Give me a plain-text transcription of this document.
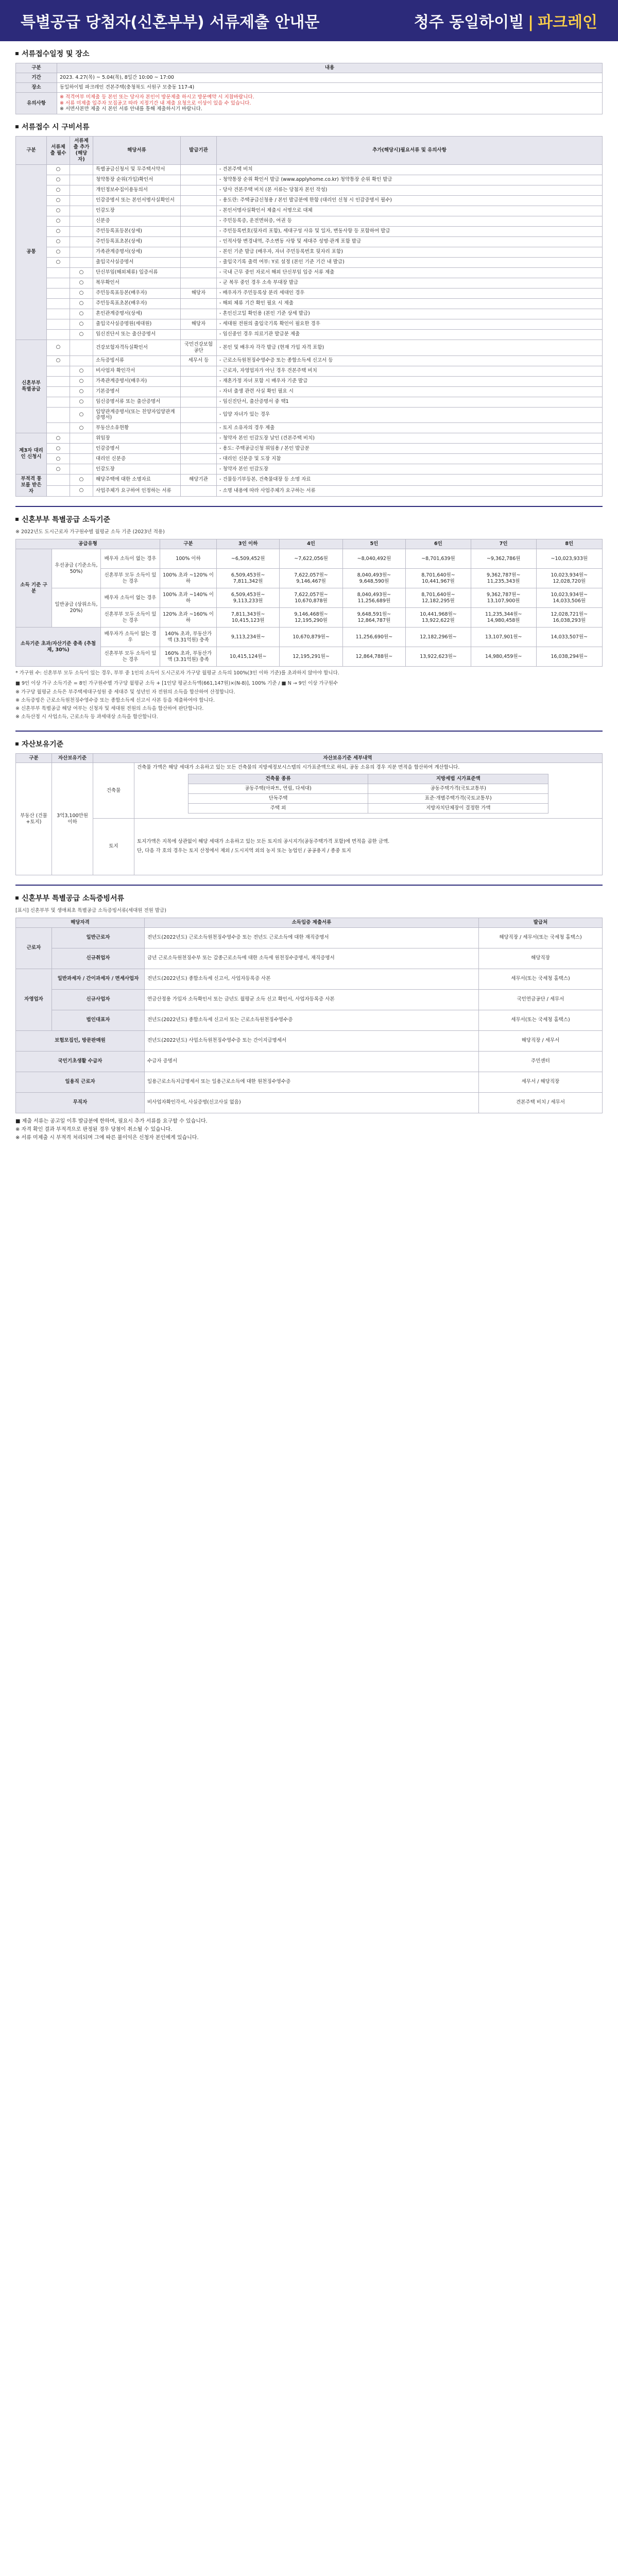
특별공급 당첨자(신혼부부) 서류제출 안내문	청주 동일하이빌 | 파크레인
서류접수일정 및 장소
구분	내용
기간	2023. 4.27(목) ~ 5.04(목), 8일간 10:00 ~ 17:00
장소	동일하이빌 파크레인 견본주택(충청북도 서원구 모충동 117-4)
유의사항	※ 적격여부 미제출 등 본인 또는 당사자 본인이 방문제출 하시고 방문예약 시 지참바랍니다.
※ 서류 미제출 입주자 모집공고 따라 지정기간 내 제출 요청으로 이상이 있을 수 있습니다.
※ 서면사본만 제출 시 본인 서류 안내를 통해 제출하시기 바랍니다.
서류접수 시 구비서류
구분	서류제출 필수	서류제출 추가(해당자)	해당서류	발급기관	추가(해당시)필요서류 및 유의사항
공통	○		특별공급신청서 및 무주택서약서		- 견본주택 비치
	○		청약통장 순위(가입)확인서		- 청약통장 순위 확인서 발급 (www.applyhome.co.kr) 청약통장 순위 확인 발급
	○		개인정보수집이용동의서		- 당사 견본주택 비치 (본 서류는 당첨자 본인 작성)
	○		인감증명서 또는 본인서명사실확인서		- 용도란: 주택공급신청용 / 본인 발급분에 한함 (대리인 신청 시 인감증명서 필수)
	○		인감도장		- 본인서명사실확인서 제출시 서명으로 대체
	○		신분증		- 주민등록증, 운전면허증, 여권 등
	○		주민등록표등본(상세)		- 주민등록번호(뒷자리 포함), 세대구성 사유 및 일자, 변동사항 등 포함하여 발급
	○		주민등록표초본(상세)		- 인적사항 변경내역, 주소변동 사항 및 세대주 성명·관계 포함 발급
	○		가족관계증명서(상세)		- 본인 기준 발급 (배우자, 자녀 주민등록번호 뒷자리 포함)
	○		출입국사실증명서		- 출입국기록 출력 여부: Y로 설정 (본인 기준 기간 내 발급)
		○	단신부임(해외체류) 입증서류		- 국내 근무 중인 자로서 해외 단신부임 입증 서류 제출
		○	복무확인서		- 군 복무 중인 경우 소속 부대장 발급
		○	주민등록표등본(배우자)	해당자	- 배우자가 주민등록상 분리 세대인 경우
		○	주민등록표초본(배우자)		- 해외 체류 기간 확인 필요 시 제출
		○	혼인관계증명서(상세)		- 혼인신고일 확인용 (본인 기준 상세 발급)
		○	출입국사실증명원(세대원)	해당자	- 세대원 전원의 출입국기록 확인이 필요한 경우
		○	임신진단서 또는 출산증명서		- 임신중인 경우 의료기관 발급분 제출
신혼부부 특별공급	○		건강보험자격득실확인서	국민건강보험공단	- 본인 및 배우자 각각 발급 (현재 가입 자격 포함)
	○		소득증빙서류	세무서 등	- 근로소득원천징수영수증 또는 종합소득세 신고서 등
		○	비사업자 확인각서		- 근로자, 자영업자가 아닌 경우 견본주택 비치
		○	가족관계증명서(배우자)		- 재혼가정 자녀 포함 시 배우자 기준 발급
		○	기본증명서		- 자녀 출생 관련 사실 확인 필요 시
		○	임신증명서류 또는 출산증명서		- 임신진단서, 출산증명서 중 택1
		○	입양관계증명서(또는 친양자입양관계증명서)		- 입양 자녀가 있는 경우
		○	부동산소유현황		- 토지 소유자의 경우 제출
제3자 대리인 신청시	○		위임장		- 청약자 본인 인감도장 날인 (견본주택 비치)
	○		인감증명서		- 용도: 주택공급신청 위임용 / 본인 발급분
	○		대리인 신분증		- 대리인 신분증 및 도장 지참
	○		인감도장		- 청약자 본인 인감도장
부적격 통보를 받은 자		○	해당주택에 대한 소명자료	해당기관	- 건물등기부등본, 건축물대장 등 소명 자료
		○	사업주체가 요구하여 인정하는 서류		- 소명 내용에 따라 사업주체가 요구하는 서류
신혼부부 특별공급 소득기준
※ 2022년도 도시근로자 가구원수별 월평균 소득 기준 (2023년 적용)
공급유형			구분	3인 이하	4인	5인	6인	7인	8인
소득 기준 구분	우선공급 (기준소득, 50%)	배우자 소득이 없는 경우	100% 이하	~6,509,452원	~7,622,056원	~8,040,492원	~8,701,639원	~9,362,786원	~10,023,933원
		신혼부부 모두 소득이 있는 경우	100% 초과 ~120% 이하	6,509,453원~ 7,811,342원	7,622,057원~ 9,146,467원	8,040,493원~ 9,648,590원	8,701,640원~ 10,441,967원	9,362,787원~ 11,235,343원	10,023,934원~ 12,028,720원
	일반공급 (상위소득, 20%)	배우자 소득이 없는 경우	100% 초과 ~140% 이하	6,509,453원~ 9,113,233원	7,622,057원~ 10,670,878원	8,040,493원~ 11,256,689원	8,701,640원~ 12,182,295원	9,362,787원~ 13,107,900원	10,023,934원~ 14,033,506원
		신혼부부 모두 소득이 있는 경우	120% 초과 ~160% 이하	7,811,343원~ 10,415,123원	9,146,468원~ 12,195,290원	9,648,591원~ 12,864,787원	10,441,968원~ 13,922,622원	11,235,344원~ 14,980,458원	12,028,721원~ 16,038,293원
소득기준 초과/자산기준 충족 (추첨제, 30%)		배우자가 소득이 없는 경우	140% 초과, 부동산가액 (3.31억원) 충족	9,113,234원~	10,670,879원~	11,256,690원~	12,182,296원~	13,107,901원~	14,033,507원~
		신혼부부 모두 소득이 있는 경우	160% 초과, 부동산가액 (3.31억원) 충족	10,415,124원~	12,195,291원~	12,864,788원~	13,922,623원~	14,980,459원~	16,038,294원~
* 가구원 수: 신혼부부 모두 소득이 있는 경우, 부부 중 1인의 소득이 도시근로자 가구당 월평균 소득의 100%(3인 이하 기준)를 초과하지 않아야 합니다.

■ 9인 이상 가구 소득기준 = 8인 가구원수별 가구당 월평균 소득 + [1인당 평균소득액(661,147원)×(N-8)], 100% 기준 / ■ N → 9인 이상 가구원수

※ 가구당 월평균 소득은 부주택세대구성원 중 세대주 및 성년인 자 전원의 소득을 합산하여 산정합니다.

※ 소득증빙은 근로소득원천징수영수증 또는 종합소득세 신고서 사본 등을 제출하여야 합니다.

※ 신혼부부 특별공급 해당 여부는 신청자 및 세대원 전원의 소득을 합산하여 판단합니다.

※ 소득산정 시 사업소득, 근로소득 등 과세대상 소득을 합산합니다.

자산보유기준
구분	자산보유기준	자산보유기준 세부내역
부동산 (건물+토지)	3억3,100만원 이하	건축물	
건축물 가액은 해당 세대가 소유하고 있는 모든 건축물의 지방세정보시스템의 시가표준액으로 하되, 공동 소유의 경우 지분 면적을 합산하여 계산합니다.
건축물 종류	지방세법 시가표준액
공동주택(아파트, 연립, 다세대)	공동주택가격(국토교통부)
단독주택	표준·개별주택가격(국토교통부)
주택 외	지방자치단체장이 결정한 가액

토지	
토지가액은 지목에 상관없이 해당 세대가 소유하고 있는 모든 토지의 공시지가(공동주택가격 포함)에 면적을 곱한 금액.
단, 다음 각 호의 경우는 토지 산정에서 제외 / 도시지역 외의 농지 또는 농업인 / 공공용지 / 종중 토지
신혼부부 특별공급 소득증빙서류
[표시] 신혼부부 및 생애최초 특별공급 소득증빙서류(세대원 전원 발급)
해당자격		소득입증 제출서류	발급처
근로자	일반근로자	전년도(2022년도) 근로소득원천징수영수증 또는 전년도 근로소득에 대한 재직증명서	해당직장 / 세무서(또는 국세청 홈택스)
	신규취업자	금년 근로소득원천징수부 또는 갑종근로소득에 대한 소득세 원천징수증명서, 재직증명서	해당직장
자영업자	일반과세자 / 간이과세자 / 면세사업자	전년도(2022년도) 종합소득세 신고서, 사업자등록증 사본	세무서(또는 국세청 홈택스)
	신규사업자	연금산정용 가입자 소득확인서 또는 금년도 월평균 소득 신고 확인서, 사업자등록증 사본	국민연금공단 / 세무서
	법인대표자	전년도(2022년도) 종합소득세 신고서 또는 근로소득원천징수영수증	세무서(또는 국세청 홈택스)
보험모집인, 방문판매원		전년도(2022년도) 사업소득원천징수영수증 또는 간이지급명세서	해당직장 / 세무서
국민기초생활 수급자		수급자 증명서	주민센터
일용직 근로자		일용근로소득지급명세서 또는 일용근로소득에 대한 원천징수영수증	세무서 / 해당직장
무직자		비사업자확인각서, 사실증명(신고사실 없음)	견본주택 비치 / 세무서

■ 제출 서류는 공고일 이후 발급분에 한하며, 필요시 추가 서류를 요구할 수 있습니다.

※ 자격 확인 결과 부적격으로 판정된 경우 당첨이 취소될 수 있습니다.

※ 서류 미제출 시 부적격 처리되며 그에 따른 불이익은 신청자 본인에게 있습니다.
